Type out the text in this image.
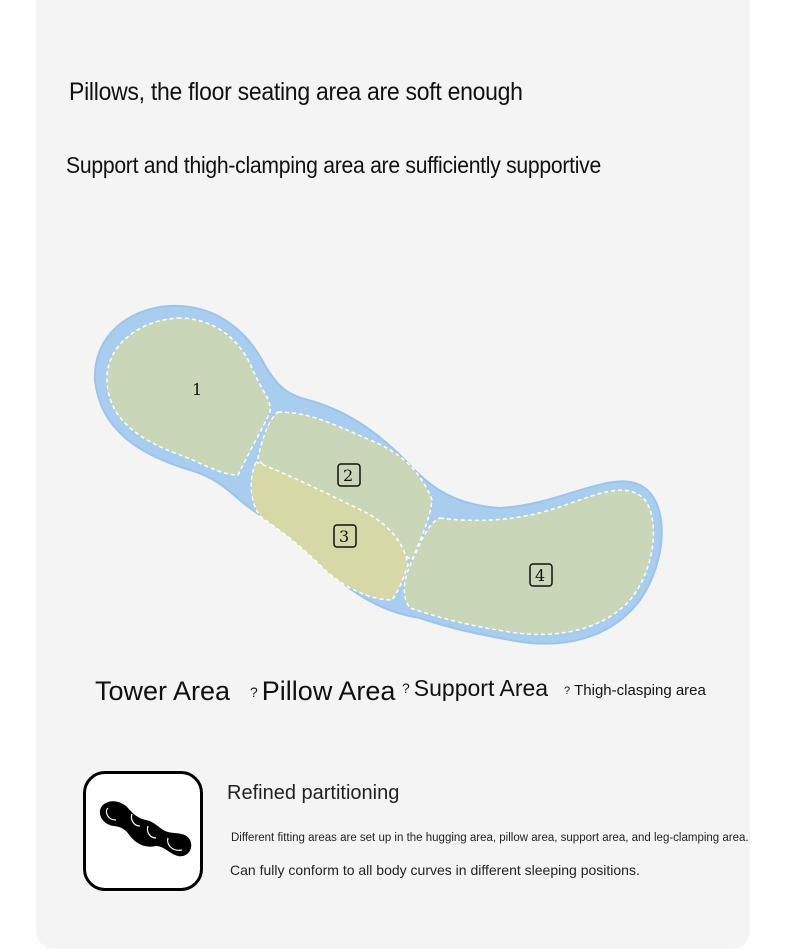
Pillows, the floor seating area are soft enough
Support and thigh-clamping area are sufficiently supportive
1
2
3
4
Tower Area ? Pillow Area ? Support Area ? Thigh-clasping area
Refined partitioning
Different fitting areas are set up in the hugging area, pillow area, support area, and leg-clamping area.
Can fully conform to all body curves in different sleeping positions.
